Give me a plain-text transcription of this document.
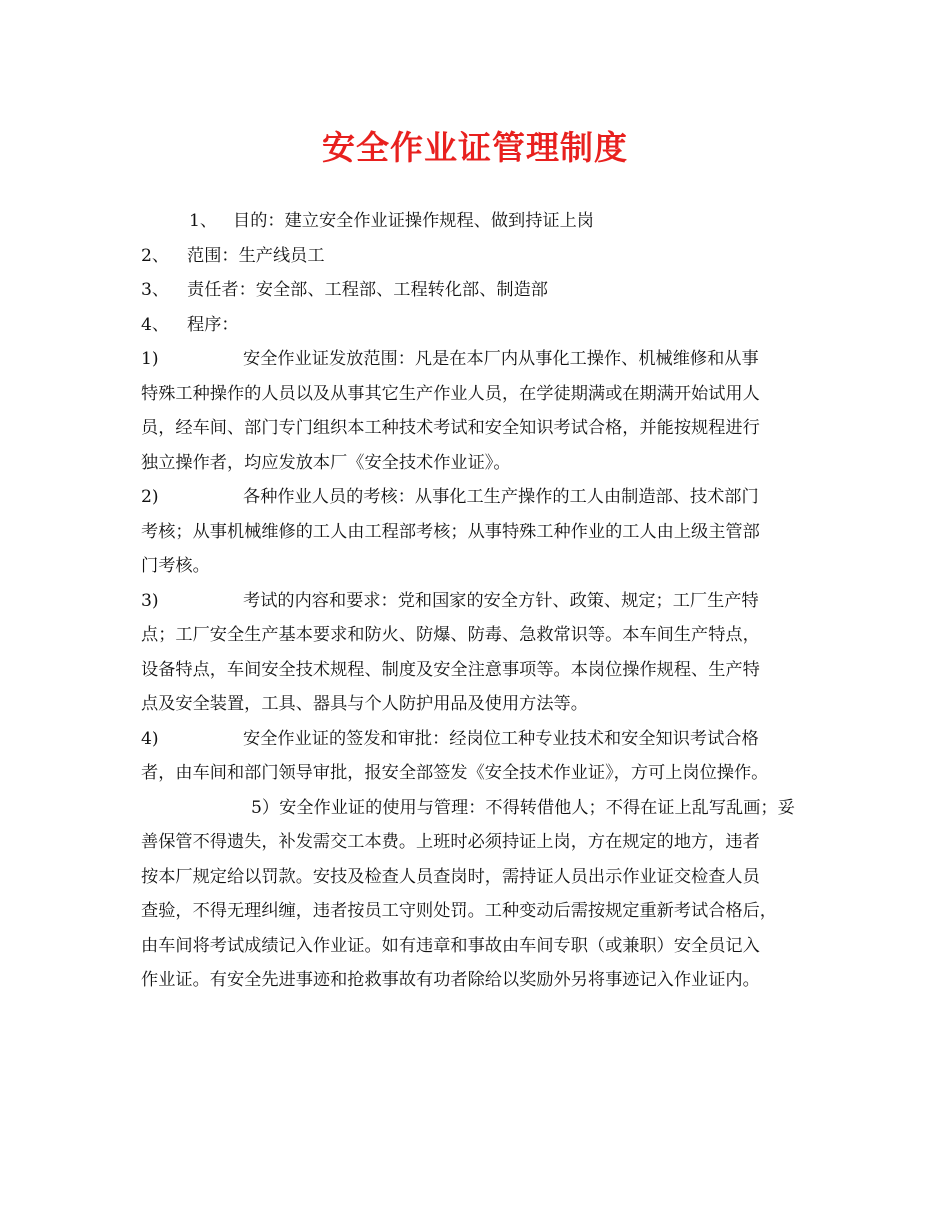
安全作业证管理制度
1、 目的：建立安全作业证操作规程、做到持证上岗
2、 范围：生产线员工
3、 责任者：安全部、工程部、工程转化部、制造部
4、 程序：
1)	安全作业证发放范围：凡是在本厂内从事化工操作、机械维修和从事
特殊工种操作的人员以及从事其它生产作业人员，在学徒期满或在期满开始试用人
员，经车间、部门专门组织本工种技术考试和安全知识考试合格，并能按规程进行
独立操作者，均应发放本厂《安全技术作业证》。
2)	各种作业人员的考核：从事化工生产操作的工人由制造部、技术部门
考核；从事机械维修的工人由工程部考核；从事特殊工种作业的工人由上级主管部
门考核。
3)	考试的内容和要求：党和国家的安全方针、政策、规定；工厂生产特
点；工厂安全生产基本要求和防火、防爆、防毒、急救常识等。本车间生产特点，
设备特点，车间安全技术规程、制度及安全注意事项等。本岗位操作规程、生产特
点及安全装置，工具、器具与个人防护用品及使用方法等。
4)	安全作业证的签发和审批：经岗位工种专业技术和安全知识考试合格
者，由车间和部门领导审批，报安全部签发《安全技术作业证》，方可上岗位操作。
5）安全作业证的使用与管理：不得转借他人；不得在证上乱写乱画；妥
善保管不得遗失，补发需交工本费。上班时必须持证上岗，方在规定的地方，违者
按本厂规定给以罚款。安技及检查人员查岗时，需持证人员出示作业证交检查人员
查验，不得无理纠缠，违者按员工守则处罚。工种变动后需按规定重新考试合格后，
由车间将考试成绩记入作业证。如有违章和事故由车间专职（或兼职）安全员记入
作业证。有安全先进事迹和抢救事故有功者除给以奖励外另将事迹记入作业证内。
